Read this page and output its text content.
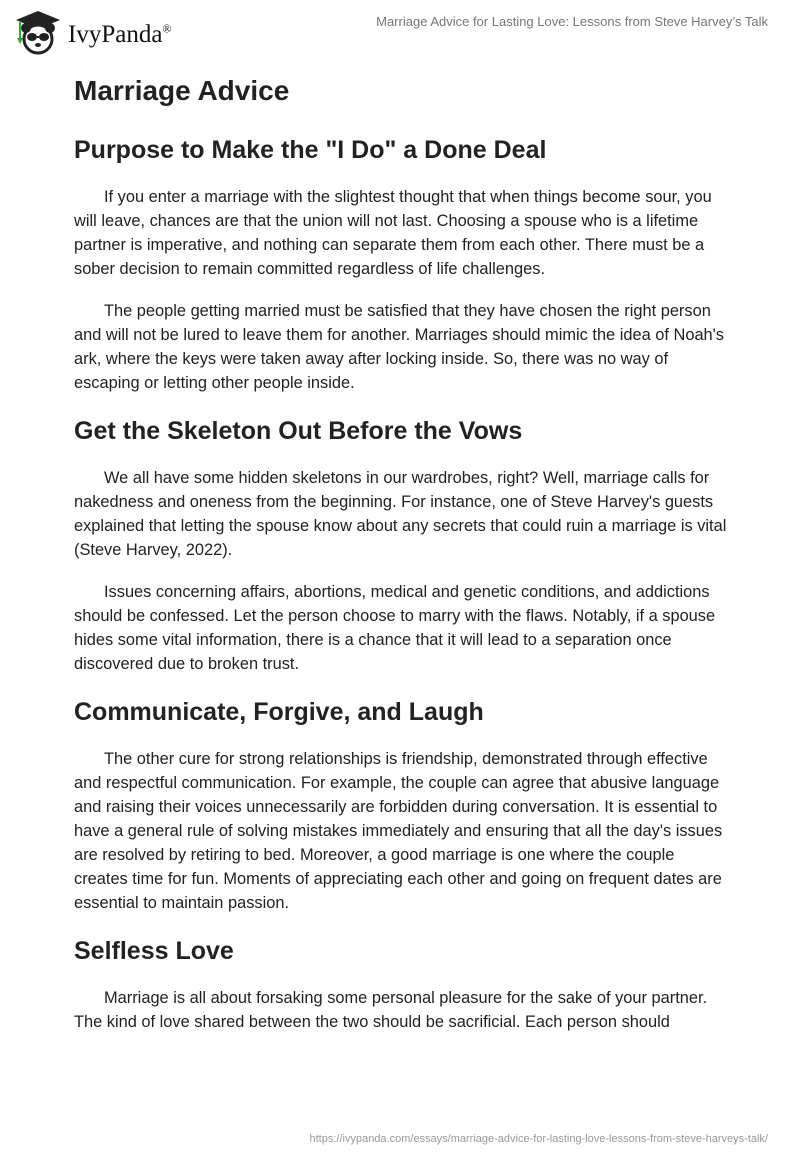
IvyPanda®	Marriage Advice for Lasting Love: Lessons from Steve Harvey’s Talk
Marriage Advice
Purpose to Make the "I Do" a Done Deal

If you enter a marriage with the slightest thought that when things become sour, you will leave, chances are that the union will not last. Choosing a spouse who is a lifetime partner is imperative, and nothing can separate them from each other. There must be a sober decision to remain committed regardless of life challenges.

The people getting married must be satisfied that they have chosen the right person and will not be lured to leave them for another. Marriages should mimic the idea of Noah's ark, where the keys were taken away after locking inside. So, there was no way of escaping or letting other people inside.

Get the Skeleton Out Before the Vows

We all have some hidden skeletons in our wardrobes, right? Well, marriage calls for nakedness and oneness from the beginning. For instance, one of Steve Harvey's guests explained that letting the spouse know about any secrets that could ruin a marriage is vital (Steve Harvey, 2022).

Issues concerning affairs, abortions, medical and genetic conditions, and addictions should be confessed. Let the person choose to marry with the flaws. Notably, if a spouse hides some vital information, there is a chance that it will lead to a separation once discovered due to broken trust.

Communicate, Forgive, and Laugh

The other cure for strong relationships is friendship, demonstrated through effective and respectful communication. For example, the couple can agree that abusive language and raising their voices unnecessarily are forbidden during conversation. It is essential to have a general rule of solving mistakes immediately and ensuring that all the day's issues are resolved by retiring to bed. Moreover, a good marriage is one where the couple creates time for fun. Moments of appreciating each other and going on frequent dates are essential to maintain passion.

Selfless Love

Marriage is all about forsaking some personal pleasure for the sake of your partner. The kind of love shared between the two should be sacrificial. Each person should

https://ivypanda.com/essays/marriage-advice-for-lasting-love-lessons-from-steve-harveys-talk/
